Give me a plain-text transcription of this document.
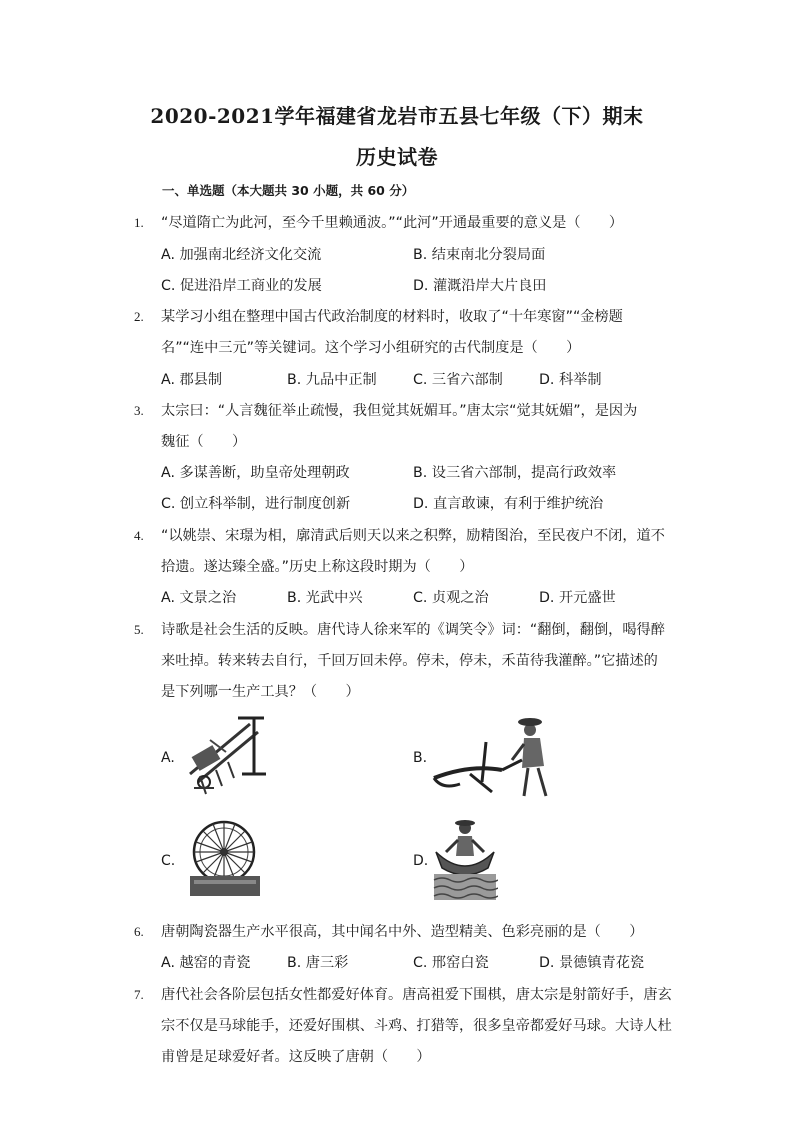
2020-2021学年福建省龙岩市五县七年级（下）期末
历史试卷
一、单选题（本大题共 30 小题，共 60 分）
1. “尽道隋亡为此河，至今千里赖通波。”“此河”开通最重要的意义是（　　）
A. 加强南北经济文化交流	B. 结束南北分裂局面
C. 促进沿岸工商业的发展	D. 灌溉沿岸大片良田
2. 某学习小组在整理中国古代政治制度的材料时，收取了“十年寒窗”“金榜题
名”“连中三元”等关键词。这个学习小组研究的古代制度是（　　）
A. 郡县制	B. 九品中正制	C. 三省六部制	D. 科举制
3. 太宗曰：“人言魏征举止疏慢，我但觉其妩媚耳。”唐太宗“觉其妩媚”，是因为
魏征（　　）
A. 多谋善断，助皇帝处理朝政	B. 设三省六部制，提高行政效率
C. 创立科举制，进行制度创新	D. 直言敢谏，有利于维护统治
4. “以姚崇、宋璟为相，廓清武后则天以来之积弊，励精图治，至民夜户不闭，道不
拾遗。遂达臻全盛。”历史上称这段时期为（　　）
A. 文景之治	B. 光武中兴	C. 贞观之治	D. 开元盛世
5. 诗歌是社会生活的反映。唐代诗人徐来军的《调笑令》词：“翻倒，翻倒，喝得醉
来吐掉。转来转去自行，千回万回未停。停未，停未，禾苗待我灌醉。”它描述的
是下列哪一生产工具？（　　）
A.	B.
C.	D.
6. 唐朝陶瓷器生产水平很高，其中闻名中外、造型精美、色彩亮丽的是（　　）
A. 越窑的青瓷	B. 唐三彩	C. 邢窑白瓷	D. 景德镇青花瓷
7. 唐代社会各阶层包括女性都爱好体育。唐高祖爱下围棋，唐太宗是射箭好手，唐玄
宗不仅是马球能手，还爱好围棋、斗鸡、打猎等，很多皇帝都爱好马球。大诗人杜
甫曾是足球爱好者。这反映了唐朝（　　）
